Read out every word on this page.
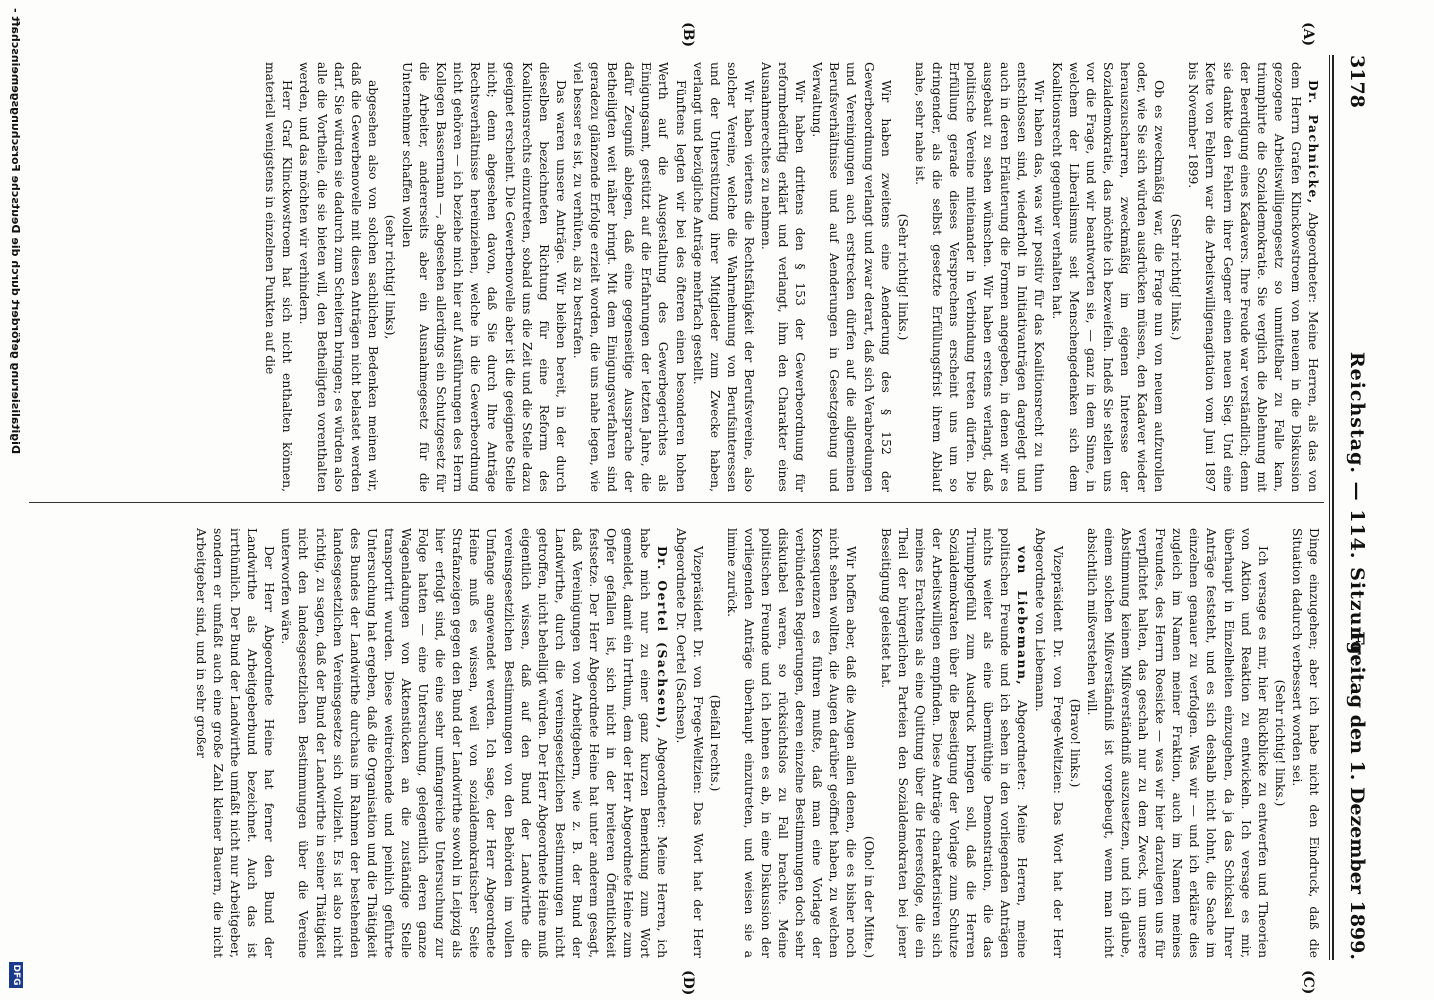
3178
Reichstag. — 114. Sitzung.
Freitag den 1. Dezember 1899.
(A)
(B)
(C)
(D)

Dr. Pachnicke, Abgeordneter: Meine Herren, als das von dem Herrn Grafen Klinckowstroem von neuem in die Diskussion gezogene Arbeitswilligengesetz so unmittelbar zu Falle kam, triumphirte die Sozialdemokratie. Sie verglich die Ablehnung mit der Beerdigung eines Kadavers. Ihre Freude war verständlich; denn sie dankte den Fehlern ihrer Gegner einen neuen Sieg. Und eine Kette von Fehlern war die Arbeitswilligenagitation vom Juni 1897 bis November 1899.

(Sehr richtig! links.)

Ob es zweckmäßig war, die Frage nun von neuem aufzurollen oder, wie Sie sich würden ausdrücken müssen, den Kadaver wieder herauszuscharren, zweckmäßig im eigenen Interesse der Sozialdemokratie, das möchte ich bezweifeln. Indeß Sie stellen uns vor die Frage, und wir beantworten sie, — ganz in dem Sinne, in welchem der Liberalismus seit Menschengedenken sich dem Koalitionsrecht gegenüber verhalten hat.

Wir haben das, was wir positiv für das Koalitionsrecht zu thun entschlossen sind, wiederholt in Initiativanträgen dargelegt und auch in deren Erläuterung die Formen angegeben, in denen wir es ausgebaut zu sehen wünschen. Wir haben erstens verlangt, daß politische Vereine miteinander in Verbindung treten dürfen. Die Erfüllung gerade dieses Versprechens erscheint uns um so dringender, als die selbst gesetzte Erfüllungsfrist ihrem Ablauf nahe, sehr nahe ist.

(Sehr richtig! links.)

Wir haben zweitens eine Aenderung des § 152 der Gewerbeordnung verlangt und zwar derart, daß sich Verabredungen und Vereinigungen auch erstrecken dürfen auf die allgemeinen Berufsverhältnisse und auf Aenderungen in Gesetzgebung und Verwaltung.

Wir haben drittens den § 153 der Gewerbeordnung für reformbedürftig erklärt und verlangt, ihm den Charakter eines Ausnahmerechtes zu nehmen.

Wir haben viertens die Rechtsfähigkeit der Berufsvereine, also solcher Vereine, welche die Wahrnehmung von Berufsinteressen und der Unterstützung ihrer Mitglieder zum Zwecke haben, verlangt und bezügliche Anträge mehrfach gestellt.

Fünftens legten wir bei des öfteren einen besonderen hohen Werth auf die Ausgestaltung des Gewerbegerichtes als Einigungsamt, gestützt auf die Erfahrungen der letzten Jahre, die dafür Zeugniß ablegen, daß eine gegenseitige Aussprache der Betheiligten weit näher bringt. Mit dem Einigungsverfahren sind geradezu glänzende Erfolge erzielt worden, die uns nahe legen, wie viel besser es ist, zu verhüten, als zu bestrafen.

Das waren unsere Anträge. Wir bleiben bereit, in der durch dieselben bezeichneten Richtung für eine Reform des Koalitionsrechts einzutreten, sobald uns die Zeit und die Stelle dazu geeignet erscheint. Die Gewerbenovelle aber ist die geeignete Stelle nicht; denn abgesehen davon, daß Sie durch Ihre Anträge Rechtsverhältnisse hereinziehen, welche in die Gewerbeordnung nicht gehören — ich beziehe mich hier auf Ausführungen des Herrn Kollegen Bassermann —, abgesehen allerdings ein Schutzgesetz für die Arbeiter, andererseits aber ein Ausnahmegesetz für die Unternehmer schaffen wollen

(sehr richtig! links),

abgesehen also von solchen sachlichen Bedenken meinen wir, daß die Gewerbenovelle mit diesen Anträgen nicht belastet werden darf. Sie würden sie dadurch zum Scheitern bringen; es würden also alle die Vortheile, die sie bieten will, den Betheiligten vorenthalten werden, und das möchten wir verhindern.

Herr Graf Klinckowstroem hat sich nicht enthalten können, materiell wenigstens in einzelnen Punkten auf die

Dinge einzugehen; aber ich habe nicht den Eindruck, daß die Situation dadurch verbessert worden sei.

(Sehr richtig! links.)

Ich versage es mir, hier Rückblicke zu entwerfen und Theorien von Aktion und Reaktion zu entwickeln. Ich versage es mir, überhaupt in Einzelheiten einzugehen, da ja das Schicksal Ihrer Anträge feststeht, und es sich deshalb nicht lohnt, die Sache im einzelnen genauer zu verfolgen. Was wir — und ich erkläre dies zugleich im Namen meiner Fraktion, auch im Namen meines Freundes, des Herrn Roesicke — was wir hier darzulegen uns für verpflichtet halten, das geschah nur zu dem Zweck, um unsere Abstimmung keinem Mißverständniß auszusetzen, und ich glaube, einem solchen Mißverständniß ist vorgebeugt, wenn man nicht absichtlich mißverstehen will.

(Bravo! links.)

Vizepräsident Dr. von Frege-Weltzien: Das Wort hat der Herr Abgeordnete von Liebemann.

von Liebemann, Abgeordneter: Meine Herren, meine politischen Freunde und ich sehen in den vorliegenden Anträgen nichts weiter als eine übermüthige Demonstration, die das Triumphgefühl zum Ausdruck bringen soll, daß die Herren Sozialdemokraten über die Beseitigung der Vorlage zum Schutze der Arbeitswilligen empfinden. Diese Anträge charakterisiren sich meines Erachtens als eine Quittung über die Heeresfolge, die ein Theil der bürgerlichen Parteien den Sozialdemokraten bei jener Beseitigung geleistet hat.

(Oho! in der Mitte.)

Wir hoffen aber, daß die Augen allen denen, die es bisher noch nicht sehen wollten, die Augen darüber geöffnet haben, zu welchen Konsequenzen es führen mußte, daß man eine Vorlage der verbündeten Regierungen, deren einzelne Bestimmungen doch sehr diskutabel waren, so rücksichtslos zu Fall brachte. Meine politischen Freunde und ich lehnen es ab, in eine Diskussion der vorliegenden Anträge überhaupt einzutreten, und weisen sie a limine zurück.

(Beifall rechts.)

Vizepräsident Dr. von Frege-Weltzien: Das Wort hat der Herr Abgeordnete Dr. Oertel (Sachsen).

Dr. Oertel (Sachsen), Abgeordneter: Meine Herren, ich habe mich nur zu einer ganz kurzen Bemerkung zum Wort gemeldet, damit ein Irrthum, dem der Herr Abgeordnete Heine zum Opfer gefallen ist, sich nicht in der breiteren Öffentlichkeit festsetze. Der Herr Abgeordnete Heine hat unter anderem gesagt, daß Vereinigungen von Arbeitgebern, wie z. B. der Bund der Landwirthe, durch die vereinsgesetzlichen Bestimmungen nicht getroffen, nicht behelligt würden. Der Herr Abgeordnete Heine muß eigentlich wissen, daß auf den Bund der Landwirthe die vereinsgesetzlichen Bestimmungen von den Behörden im vollen Umfange angewendet werden. Ich sage, der Herr Abgeordnete Heine muß es wissen, weil von sozialdemokratischer Seite Strafanzeigen gegen den Bund der Landwirthe sowohl in Leipzig als hier erfolgt sind, die eine sehr umfangreiche Untersuchung zur Folge hatten — eine Untersuchung, gelegentlich deren ganze Wagenladungen von Aktenstücken an die zuständige Stelle transportirt wurden. Diese weitreichende und peinlich geführte Untersuchung hat ergeben, daß die Organisation und die Thätigkeit des Bundes der Landwirthe durchaus im Rahmen der bestehenden landesgesetzlichen Vereinsgesetze sich vollzieht. Es ist also nicht richtig, zu sagen, daß der Bund der Landwirthe in seiner Thätigkeit nicht den landesgesetzlichen Bestimmungen über die Vereine unterworfen wäre.

Der Herr Abgeordnete Heine hat ferner den Bund der Landwirthe als Arbeitgeberbund bezeichnet. Auch das ist irrthümlich. Der Bund der Landwirthe umfaßt nicht nur Arbeitgeber, sondern er umfaßt auch eine große Zahl kleiner Bauern, die nicht Arbeitgeber sind, und in sehr großer

Digitalisierung gefördert durch die Deutsche Forschungsgemeinschaft -
DFG
